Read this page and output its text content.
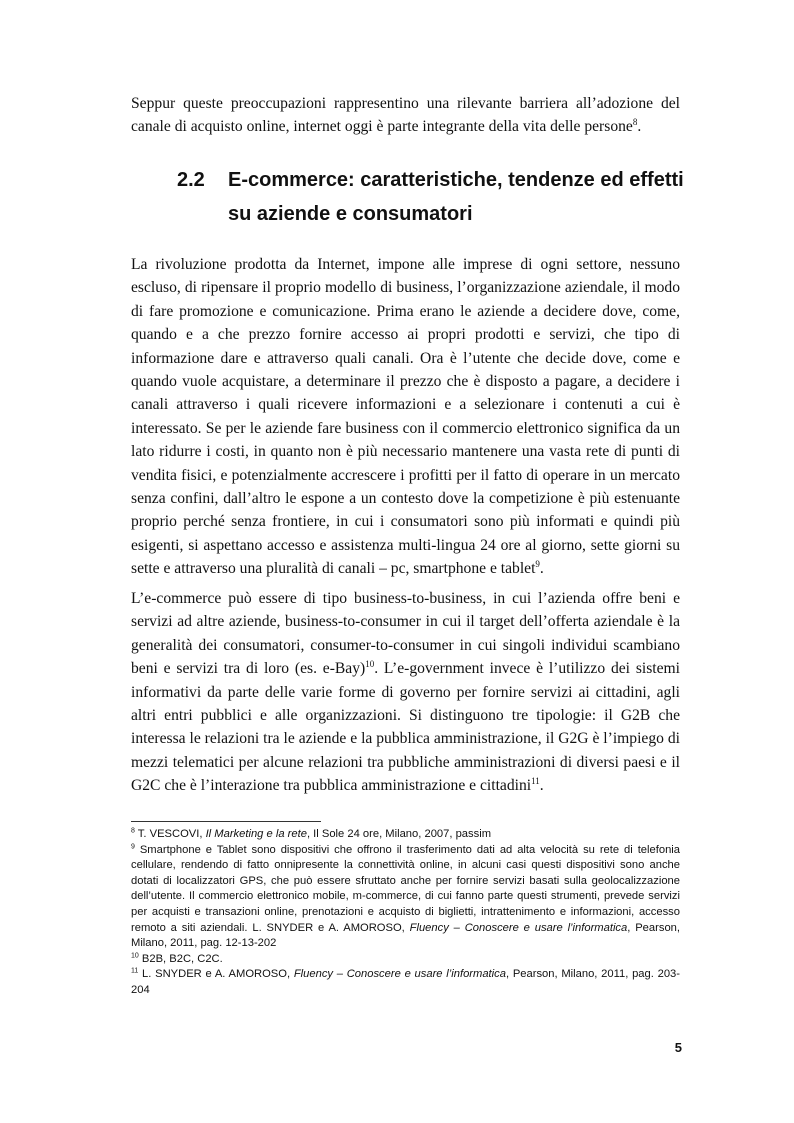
Seppur queste preoccupazioni rappresentino una rilevante barriera all’adozione del canale di acquisto online, internet oggi è parte integrante della vita delle persone$^8$.

2.2 E-commerce: caratteristiche, tendenze ed effetti su aziende e consumatori

La rivoluzione prodotta da Internet, impone alle imprese di ogni settore, nessuno escluso, di ripensare il proprio modello di business, l’organizzazione aziendale, il modo di fare promozione e comunicazione. Prima erano le aziende a decidere dove, come, quando e a che prezzo fornire accesso ai propri prodotti e servizi, che tipo di informazione dare e attraverso quali canali. Ora è l’utente che decide dove, come e quando vuole acquistare, a determinare il prezzo che è disposto a pagare, a decidere i canali attraverso i quali ricevere informazioni e a selezionare i contenuti a cui è interessato. Se per le aziende fare business con il commercio elettronico significa da un lato ridurre i costi, in quanto non è più necessario mantenere una vasta rete di punti di vendita fisici, e potenzialmente accrescere i profitti per il fatto di operare in un mercato senza confini, dall’altro le espone a un contesto dove la competizione è più estenuante proprio perché senza frontiere, in cui i consumatori sono più informati e quindi più esigenti, si aspettano accesso e assistenza multi-lingua 24 ore al giorno, sette giorni su sette e attraverso una pluralità di canali – pc, smartphone e tablet$^9$.

L’e-commerce può essere di tipo business-to-business, in cui l’azienda offre beni e servizi ad altre aziende, business-to-consumer in cui il target dell’offerta aziendale è la generalità dei consumatori, consumer-to-consumer in cui singoli individui scambiano beni e servizi tra di loro (es. e-Bay)$^{10}$. L’e-government invece è l’utilizzo dei sistemi informativi da parte delle varie forme di governo per fornire servizi ai cittadini, agli altri entri pubblici e alle organizzazioni. Si distinguono tre tipologie: il G2B che interessa le relazioni tra le aziende e la pubblica amministrazione, il G2G è l’impiego di mezzi telematici per alcune relazioni tra pubbliche amministrazioni di diversi paesi e il G2C che è l’interazione tra pubblica amministrazione e cittadini$^{11}$.

$^8$ T. VESCOVI, Il Marketing e la rete, Il Sole 24 ore, Milano, 2007, passim

$^9$ Smartphone e Tablet sono dispositivi che offrono il trasferimento dati ad alta velocità su rete di telefonia cellulare, rendendo di fatto onnipresente la connettività online, in alcuni casi questi dispositivi sono anche dotati di localizzatori GPS, che può essere sfruttato anche per fornire servizi basati sulla geolocalizzazione dell’utente. Il commercio elettronico mobile, m-commerce, di cui fanno parte questi strumenti, prevede servizi per acquisti e transazioni online, prenotazioni e acquisto di biglietti, intrattenimento e informazioni, accesso remoto a siti aziendali. L. SNYDER e A. AMOROSO, Fluency – Conoscere e usare l’informatica, Pearson, Milano, 2011, pag. 12-13-202

$^{10}$ B2B, B2C, C2C.

$^{11}$ L. SNYDER e A. AMOROSO, Fluency – Conoscere e usare l’informatica, Pearson, Milano, 2011, pag. 203-204

5
